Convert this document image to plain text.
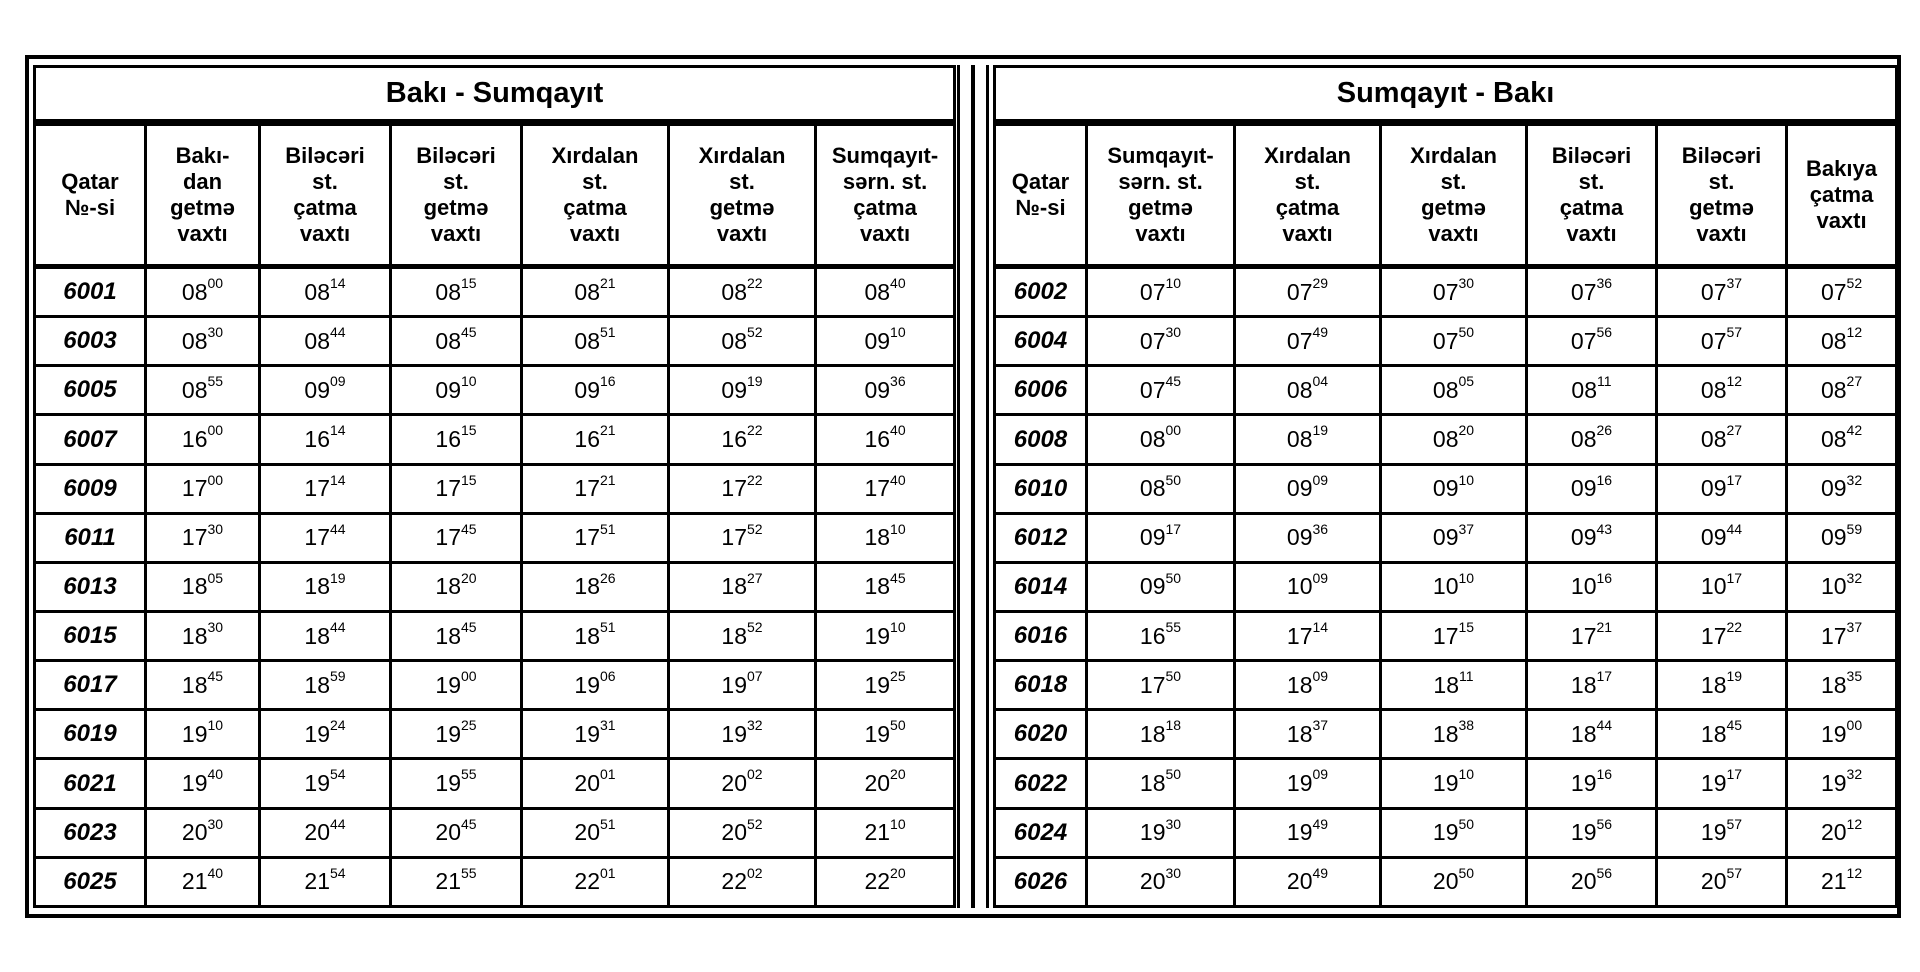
Bakı - Sumqayıt						
Qatar
№-si	Bakı-
dan
getmə
vaxtı	Biləcəri
st.
çatma
vaxtı	Biləcəri
st.
getmə
vaxtı	Xırdalan
st.
çatma
vaxtı	Xırdalan
st.
getmə
vaxtı	Sumqayıt-
sərn. st.
çatma
vaxtı
6001	$08^{00}$	$08^{14}$	$08^{15}$	$08^{21}$	$08^{22}$	$08^{40}$
6003	$08^{30}$	$08^{44}$	$08^{45}$	$08^{51}$	$08^{52}$	$09^{10}$
6005	$08^{55}$	$09^{09}$	$09^{10}$	$09^{16}$	$09^{19}$	$09^{36}$
6007	$16^{00}$	$16^{14}$	$16^{15}$	$16^{21}$	$16^{22}$	$16^{40}$
6009	$17^{00}$	$17^{14}$	$17^{15}$	$17^{21}$	$17^{22}$	$17^{40}$
6011	$17^{30}$	$17^{44}$	$17^{45}$	$17^{51}$	$17^{52}$	$18^{10}$
6013	$18^{05}$	$18^{19}$	$18^{20}$	$18^{26}$	$18^{27}$	$18^{45}$
6015	$18^{30}$	$18^{44}$	$18^{45}$	$18^{51}$	$18^{52}$	$19^{10}$
6017	$18^{45}$	$18^{59}$	$19^{00}$	$19^{06}$	$19^{07}$	$19^{25}$
6019	$19^{10}$	$19^{24}$	$19^{25}$	$19^{31}$	$19^{32}$	$19^{50}$
6021	$19^{40}$	$19^{54}$	$19^{55}$	$20^{01}$	$20^{02}$	$20^{20}$
6023	$20^{30}$	$20^{44}$	$20^{45}$	$20^{51}$	$20^{52}$	$21^{10}$
6025	$21^{40}$	$21^{54}$	$21^{55}$	$22^{01}$	$22^{02}$	$22^{20}$
Sumqayıt - Bakı						
Qatar
№-si	Sumqayıt-
sərn. st.
getmə
vaxtı	Xırdalan
st.
çatma
vaxtı	Xırdalan
st.
getmə
vaxtı	Biləcəri
st.
çatma
vaxtı	Biləcəri
st.
getmə
vaxtı	Bakıya
çatma
vaxtı
6002	$07^{10}$	$07^{29}$	$07^{30}$	$07^{36}$	$07^{37}$	$07^{52}$
6004	$07^{30}$	$07^{49}$	$07^{50}$	$07^{56}$	$07^{57}$	$08^{12}$
6006	$07^{45}$	$08^{04}$	$08^{05}$	$08^{11}$	$08^{12}$	$08^{27}$
6008	$08^{00}$	$08^{19}$	$08^{20}$	$08^{26}$	$08^{27}$	$08^{42}$
6010	$08^{50}$	$09^{09}$	$09^{10}$	$09^{16}$	$09^{17}$	$09^{32}$
6012	$09^{17}$	$09^{36}$	$09^{37}$	$09^{43}$	$09^{44}$	$09^{59}$
6014	$09^{50}$	$10^{09}$	$10^{10}$	$10^{16}$	$10^{17}$	$10^{32}$
6016	$16^{55}$	$17^{14}$	$17^{15}$	$17^{21}$	$17^{22}$	$17^{37}$
6018	$17^{50}$	$18^{09}$	$18^{11}$	$18^{17}$	$18^{19}$	$18^{35}$
6020	$18^{18}$	$18^{37}$	$18^{38}$	$18^{44}$	$18^{45}$	$19^{00}$
6022	$18^{50}$	$19^{09}$	$19^{10}$	$19^{16}$	$19^{17}$	$19^{32}$
6024	$19^{30}$	$19^{49}$	$19^{50}$	$19^{56}$	$19^{57}$	$20^{12}$
6026	$20^{30}$	$20^{49}$	$20^{50}$	$20^{56}$	$20^{57}$	$21^{12}$
